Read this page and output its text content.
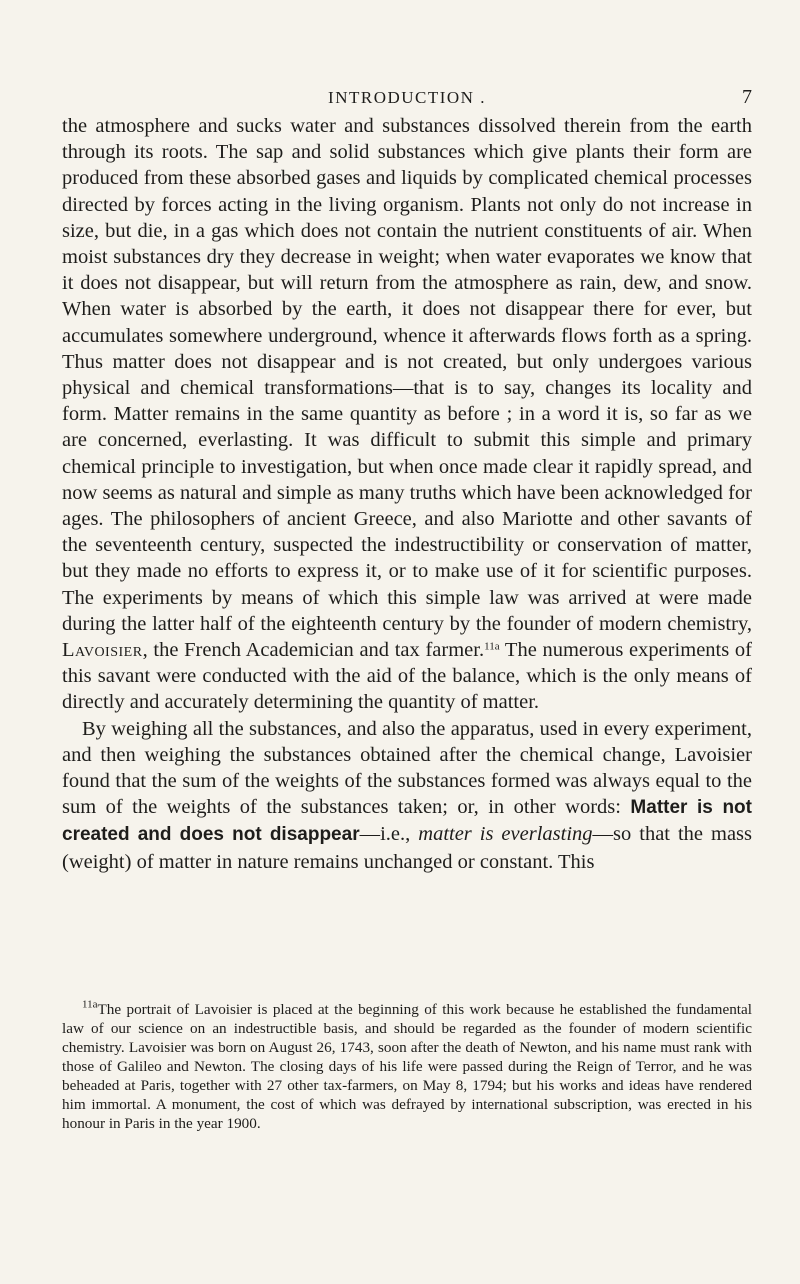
INTRODUCTION .	7

the atmosphere and sucks water and substances dissolved therein from the earth through its roots. The sap and solid substances which give plants their form are produced from these absorbed gases and liquids by complicated chemical processes directed by forces acting in the living organism. Plants not only do not increase in size, but die, in a gas which does not contain the nutrient constituents of air. When moist substances dry they decrease in weight; when water evaporates we know that it does not disappear, but will return from the atmosphere as rain, dew, and snow. When water is absorbed by the earth, it does not disappear there for ever, but accumulates somewhere underground, whence it afterwards flows forth as a spring. Thus matter does not disappear and is not created, but only undergoes various physical and chemical transformations—that is to say, changes its locality and form. Matter remains in the same quantity as before ; in a word it is, so far as we are concerned, everlasting. It was difficult to submit this simple and primary chemical principle to investigation, but when once made clear it rapidly spread, and now seems as natural and simple as many truths which have been acknowledged for ages. The philosophers of ancient Greece, and also Mariotte and other savants of the seventeenth century, suspected the indestructibility or conservation of matter, but they made no efforts to express it, or to make use of it for scientific purposes. The experiments by means of which this simple law was arrived at were made during the latter half of the eighteenth century by the founder of modern chemistry, Lavoisier, the French Academician and tax farmer.$^{11a}$ The numerous experiments of this savant were conducted with the aid of the balance, which is the only means of directly and accurately determining the quantity of matter.

By weighing all the substances, and also the apparatus, used in every experiment, and then weighing the substances obtained after the chemical change, Lavoisier found that the sum of the weights of the substances formed was always equal to the sum of the weights of the substances taken; or, in other words: Matter is not created and does not disappear—i.e., matter is everlasting—so that the mass (weight) of matter in nature remains unchanged or constant. This

$^{11a}$The portrait of Lavoisier is placed at the beginning of this work because he established the fundamental law of our science on an indestructible basis, and should be regarded as the founder of modern scientific chemistry. Lavoisier was born on August 26, 1743, soon after the death of Newton, and his name must rank with those of Galileo and Newton. The closing days of his life were passed during the Reign of Terror, and he was beheaded at Paris, together with 27 other tax-farmers, on May 8, 1794; but his works and ideas have rendered him immortal. A monument, the cost of which was defrayed by international subscription, was erected in his honour in Paris in the year 1900.
